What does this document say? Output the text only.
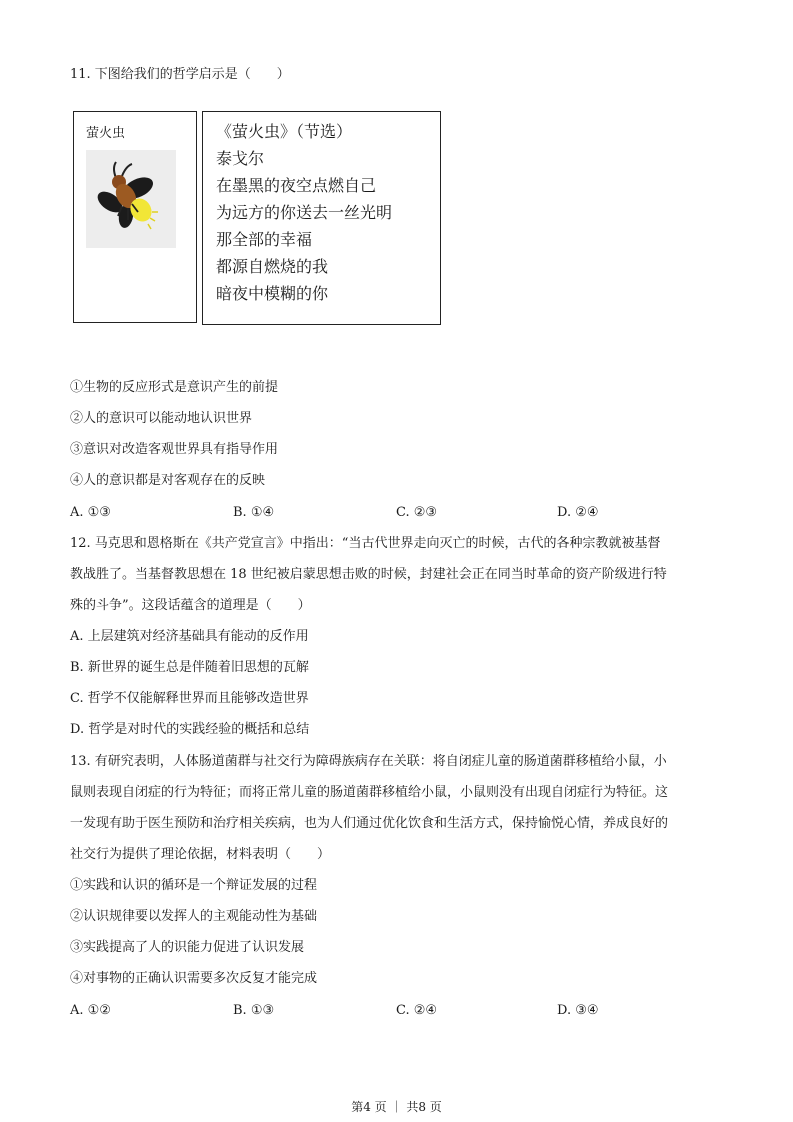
11. 下图给我们的哲学启示是（　　）
萤火虫	《萤火虫》（节选）
泰戈尔
在墨黑的夜空点燃自己
为远方的你送去一丝光明
那全部的幸福
都源自燃烧的我
暗夜中模糊的你
①生物的反应形式是意识产生的前提
②人的意识可以能动地认识世界
③意识对改造客观世界具有指导作用
④人的意识都是对客观存在的反映
A. ①③	B. ①④	C. ②③	D. ②④
12. 马克思和恩格斯在《共产党宣言》中指出：“当古代世界走向灭亡的时候，古代的各种宗教就被基督
教战胜了。当基督教思想在 18 世纪被启蒙思想击败的时候，封建社会正在同当时革命的资产阶级进行特
殊的斗争”。这段话蕴含的道理是（　　）
A. 上层建筑对经济基础具有能动的反作用
B. 新世界的诞生总是伴随着旧思想的瓦解
C. 哲学不仅能解释世界而且能够改造世界
D. 哲学是对时代的实践经验的概括和总结
13. 有研究表明，人体肠道菌群与社交行为障碍族病存在关联：将自闭症儿童的肠道菌群移植给小鼠，小
鼠则表现自闭症的行为特征；而将正常儿童的肠道菌群移植给小鼠，小鼠则没有出现自闭症行为特征。这
一发现有助于医生预防和治疗相关疾病，也为人们通过优化饮食和生活方式，保持愉悦心情，养成良好的
社交行为提供了理论依据，材料表明（　　）
①实践和认识的循环是一个辩证发展的过程
②认识规律要以发挥人的主观能动性为基础
③实践提高了人的识能力促进了认识发展
④对事物的正确认识需要多次反复才能完成
A. ①②	B. ①③	C. ②④	D. ③④
第4 页 ｜ 共8 页
